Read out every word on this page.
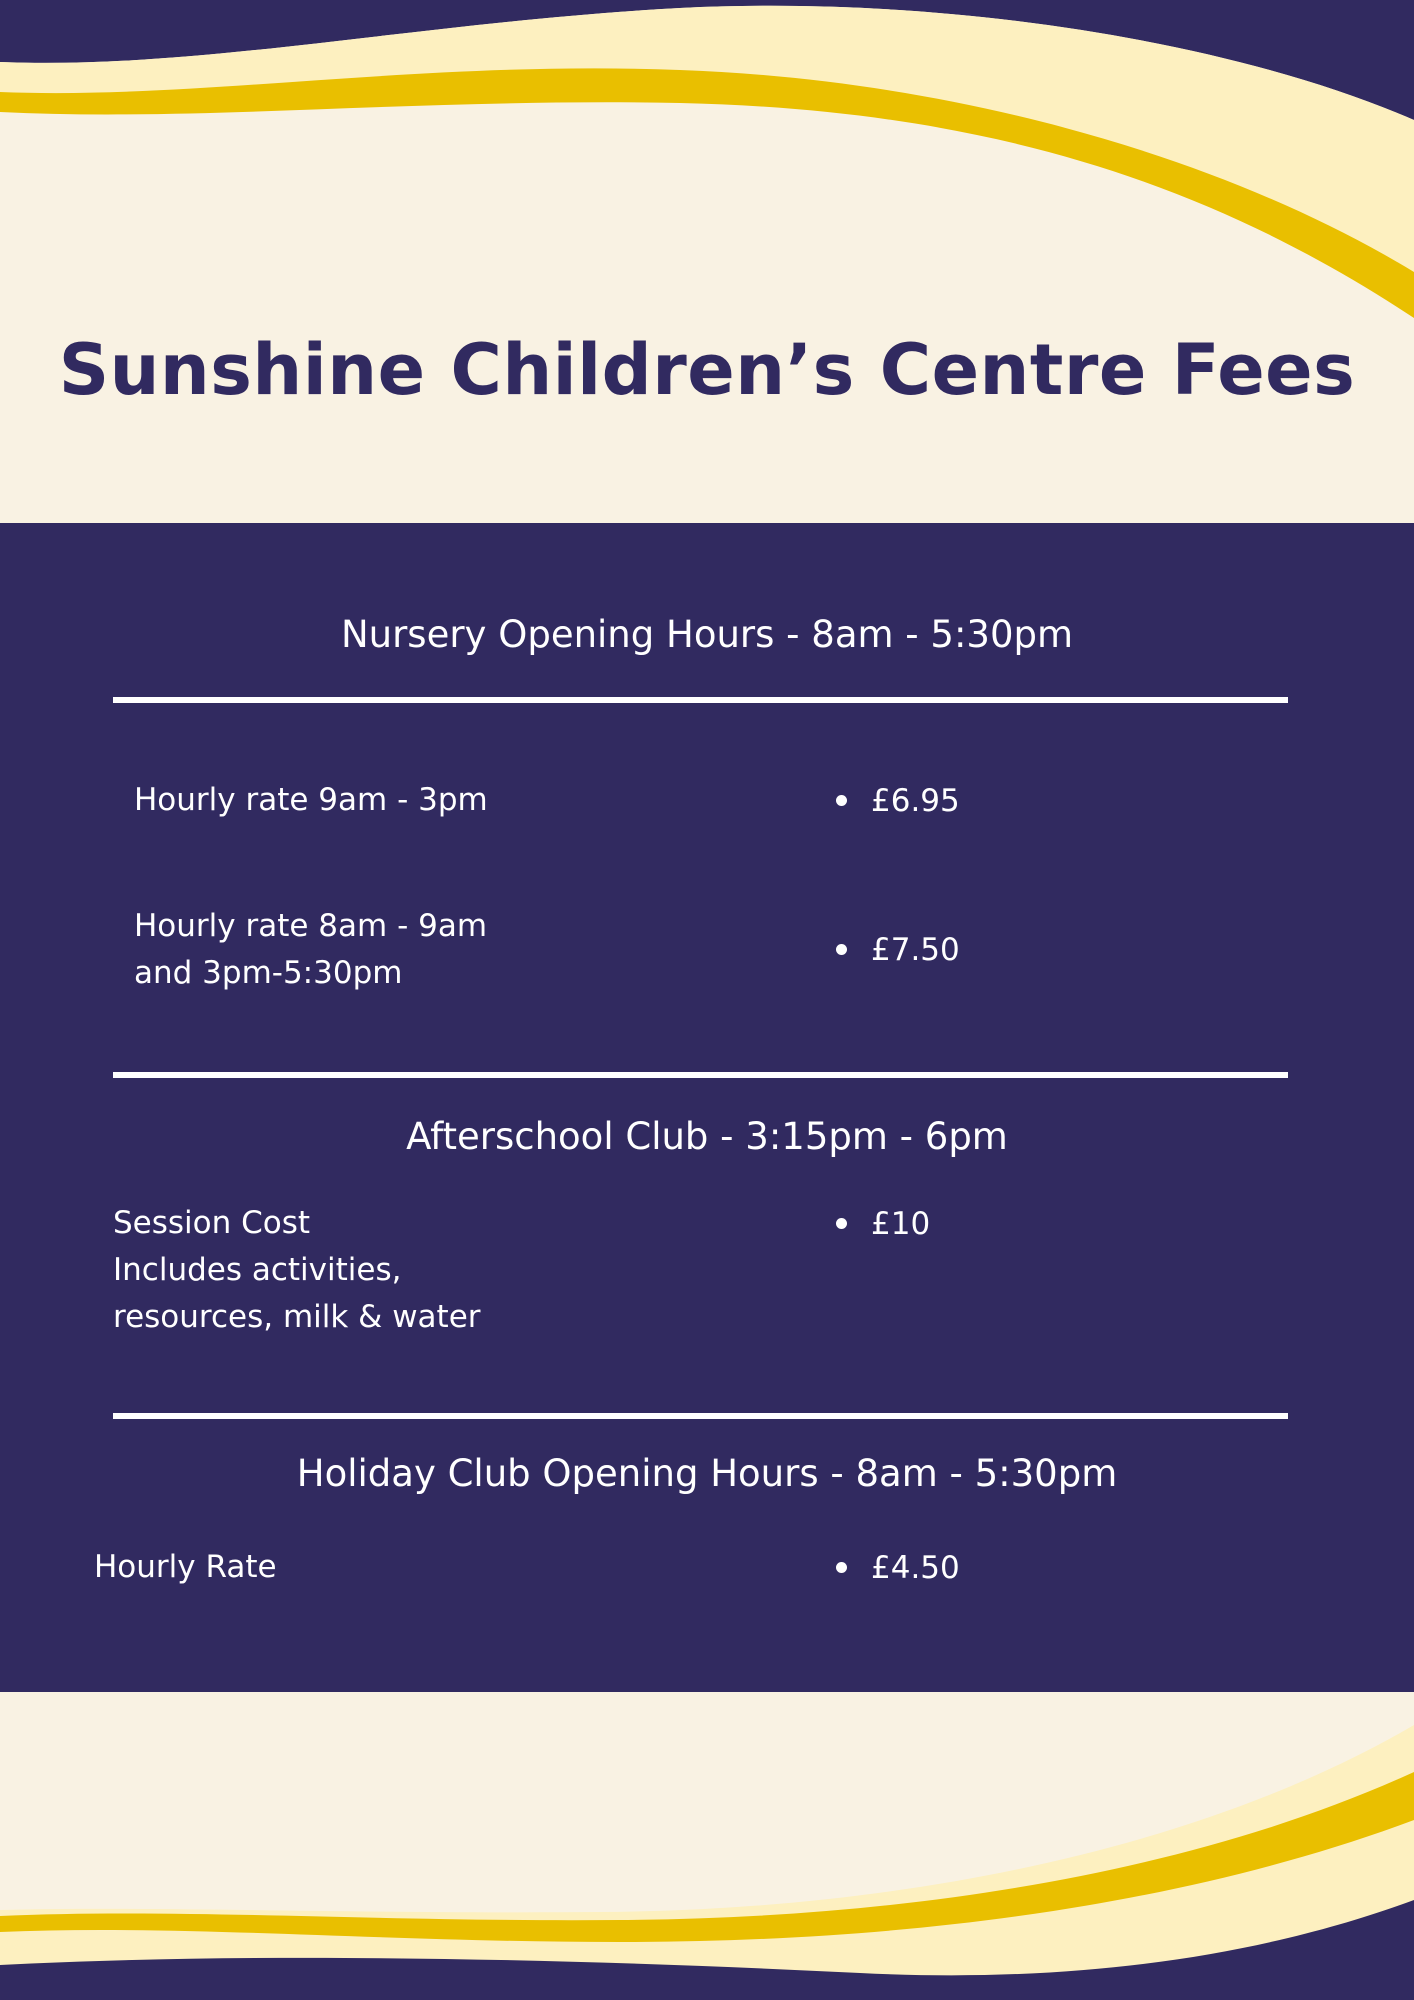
Sunshine Children’s Centre Fees
Nursery Opening Hours - 8am - 5:30pm
Hourly rate 9am - 3pm	£6.95
Hourly rate 8am - 9am
and 3pm-5:30pm
£7.50
Afterschool Club - 3:15pm - 6pm
Session Cost
Includes activities,
resources, milk & water
£10
Holiday Club Opening Hours - 8am - 5:30pm
Hourly Rate	£4.50
